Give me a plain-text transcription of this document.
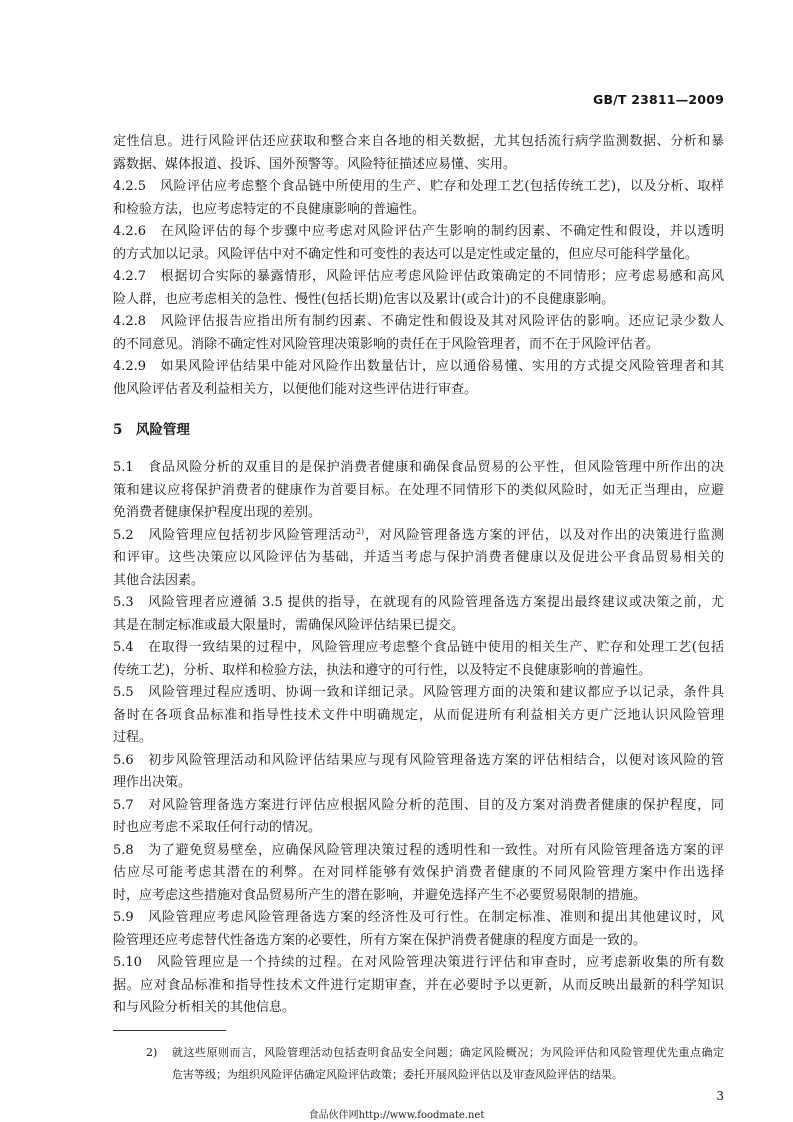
GB/T 23811—2009
定性信息。进行风险评估还应获取和整合来自各地的相关数据，尤其包括流行病学监测数据、分析和暴
露数据、媒体报道、投诉、国外预警等。风险特征描述应易懂、实用。
4.2.5　风险评估应考虑整个食品链中所使用的生产、贮存和处理工艺(包括传统工艺)，以及分析、取样
和检验方法，也应考虑特定的不良健康影响的普遍性。
4.2.6　在风险评估的每个步骤中应考虑对风险评估产生影响的制约因素、不确定性和假设，并以透明
的方式加以记录。风险评估中对不确定性和可变性的表达可以是定性或定量的，但应尽可能科学量化。
4.2.7　根据切合实际的暴露情形，风险评估应考虑风险评估政策确定的不同情形；应考虑易感和高风
险人群，也应考虑相关的急性、慢性(包括长期)危害以及累计(或合计)的不良健康影响。
4.2.8　风险评估报告应指出所有制约因素、不确定性和假设及其对风险评估的影响。还应记录少数人
的不同意见。消除不确定性对风险管理决策影响的责任在于风险管理者，而不在于风险评估者。
4.2.9　如果风险评估结果中能对风险作出数量估计，应以通俗易懂、实用的方式提交风险管理者和其
他风险评估者及利益相关方，以便他们能对这些评估进行审查。
5　风险管理
5.1　食品风险分析的双重目的是保护消费者健康和确保食品贸易的公平性，但风险管理中所作出的决
策和建议应将保护消费者的健康作为首要目标。在处理不同情形下的类似风险时，如无正当理由，应避
免消费者健康保护程度出现的差别。
5.2　风险管理应包括初步风险管理活动$^{2)}$，对风险管理备选方案的评估，以及对作出的决策进行监测
和评审。这些决策应以风险评估为基础，并适当考虑与保护消费者健康以及促进公平食品贸易相关的
其他合法因素。
5.3　风险管理者应遵循 3.5 提供的指导，在就现有的风险管理备选方案提出最终建议或决策之前，尤
其是在制定标准或最大限量时，需确保风险评估结果已提交。
5.4　在取得一致结果的过程中，风险管理应考虑整个食品链中使用的相关生产、贮存和处理工艺(包括
传统工艺)，分析、取样和检验方法，执法和遵守的可行性，以及特定不良健康影响的普遍性。
5.5　风险管理过程应透明、协调一致和详细记录。风险管理方面的决策和建议都应予以记录，条件具
备时在各项食品标准和指导性技术文件中明确规定，从而促进所有利益相关方更广泛地认识风险管理
过程。
5.6　初步风险管理活动和风险评估结果应与现有风险管理备选方案的评估相结合，以便对该风险的管
理作出决策。
5.7　对风险管理备选方案进行评估应根据风险分析的范围、目的及方案对消费者健康的保护程度，同
时也应考虑不采取任何行动的情况。
5.8　为了避免贸易壁垒，应确保风险管理决策过程的透明性和一致性。对所有风险管理备选方案的评
估应尽可能考虑其潜在的利弊。在对同样能够有效保护消费者健康的不同风险管理方案中作出选择
时，应考虑这些措施对食品贸易所产生的潜在影响，并避免选择产生不必要贸易限制的措施。
5.9　风险管理应考虑风险管理备选方案的经济性及可行性。在制定标准、准则和提出其他建议时，风
险管理还应考虑替代性备选方案的必要性，所有方案在保护消费者健康的程度方面是一致的。
5.10　风险管理应是一个持续的过程。在对风险管理决策进行评估和审查时，应考虑新收集的所有数
据。应对食品标准和指导性技术文件进行定期审查，并在必要时予以更新，从而反映出最新的科学知识
和与风险分析相关的其他信息。
2) 就这些原则而言，风险管理活动包括查明食品安全问题；确定风险概况；为风险评估和风险管理优先重点确定
危害等级；为组织风险评估确定风险评估政策；委托开展风险评估以及审查风险评估的结果。
3
食品伙伴网http://www.foodmate.net
